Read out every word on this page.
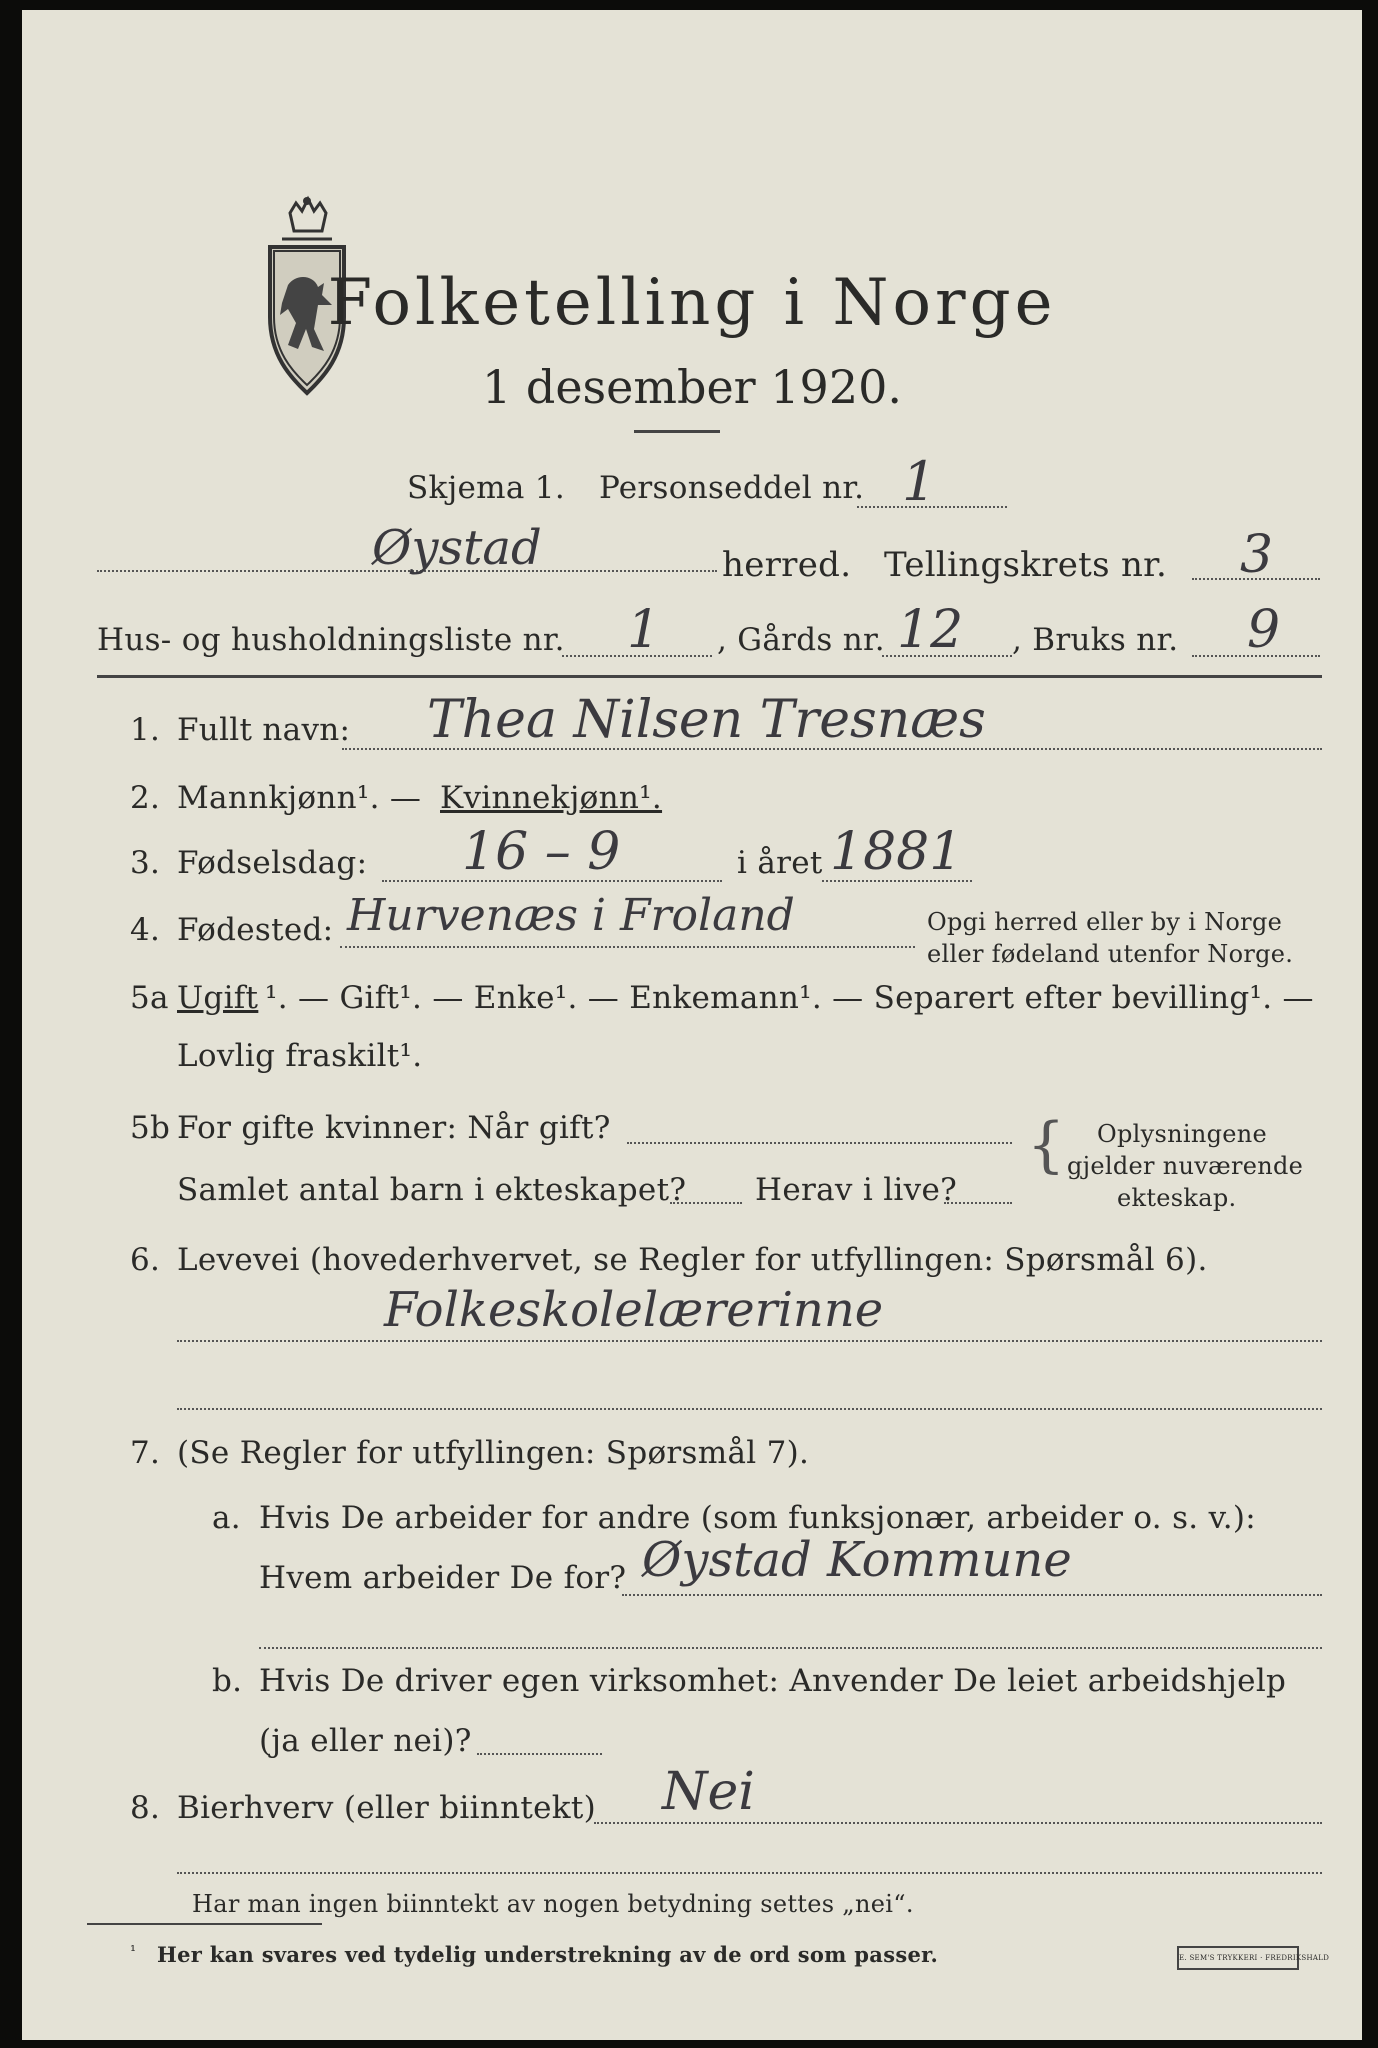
Folketelling i Norge
1 desember 1920.
Skjema 1. Personseddel nr. 1
Øystad	herred. Tellingskrets nr. 3
Hus- og husholdningsliste nr. 1 , Gårds nr. 12 , Bruks nr. 9
1. Fullt navn: Thea Nilsen Tresnæs
2. Mannkjønn¹. — Kvinnekjønn¹.
3. Fødselsdag: 16 – 9	i året 1881
4. Fødested: Hurvenæs i Froland	Opgi herred eller by i Norge
eller fødeland utenfor Norge.
5a Ugift ¹. — Gift¹. — Enke¹. — Enkemann¹. — Separert efter bevilling¹. —
Lovlig fraskilt¹.
5b For gifte kvinner: Når gift?
Samlet antal barn i ekteskapet? Herav i live?
{ Oplysningene
gjelder nuværende
ekteskap.
6. Levevei (hovederhvervet, se Regler for utfyllingen: Spørsmål 6).
Folkeskolelærerinne
7. (Se Regler for utfyllingen: Spørsmål 7).
a. Hvis De arbeider for andre (som funksjonær, arbeider o. s. v.):
Hvem arbeider De for? Øystad Kommune
b. Hvis De driver egen virksomhet: Anvender De leiet arbeidshjelp
(ja eller nei)?
8. Bierhverv (eller biinntekt) Nei
Har man ingen biinntekt av nogen betydning settes „nei“.
¹ Her kan svares ved tydelig understrekning av de ord som passer.	E. SEM'S TRYKKERI · FREDRIKSHALD
